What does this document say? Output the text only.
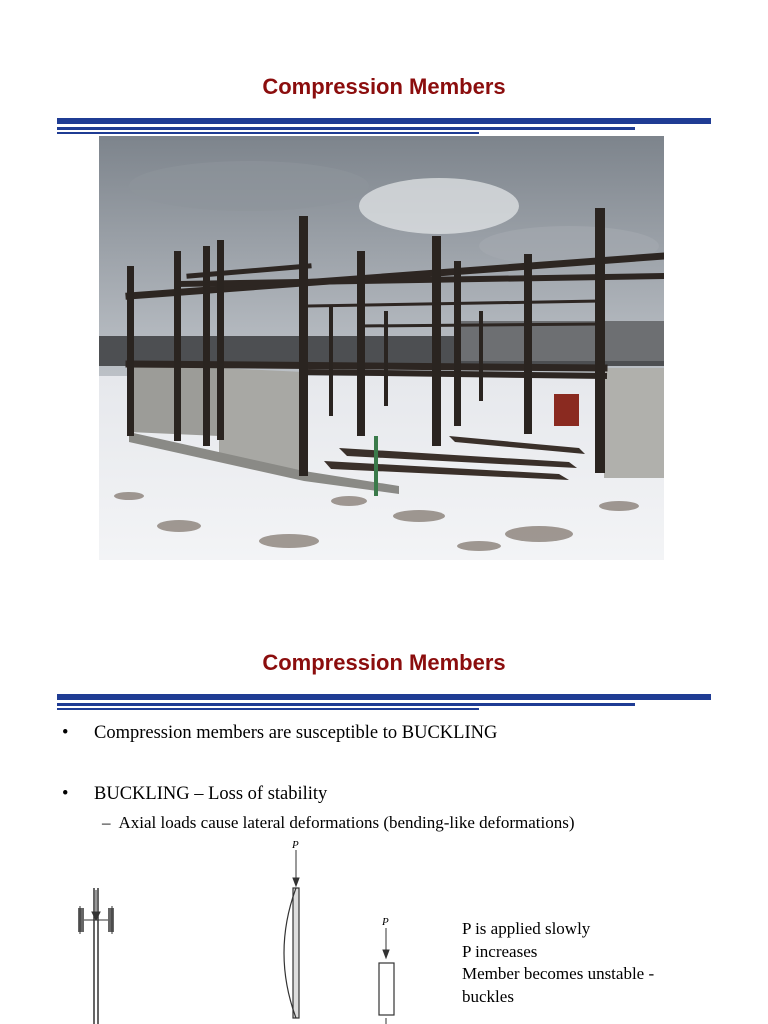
Compression Members
Compression Members
• Compression members are susceptible to BUCKLING
• BUCKLING – Loss of stability
– Axial loads cause lateral deformations (bending-like deformations)
P
P	P is applied slowly
P increases
Member becomes unstable -
buckles
